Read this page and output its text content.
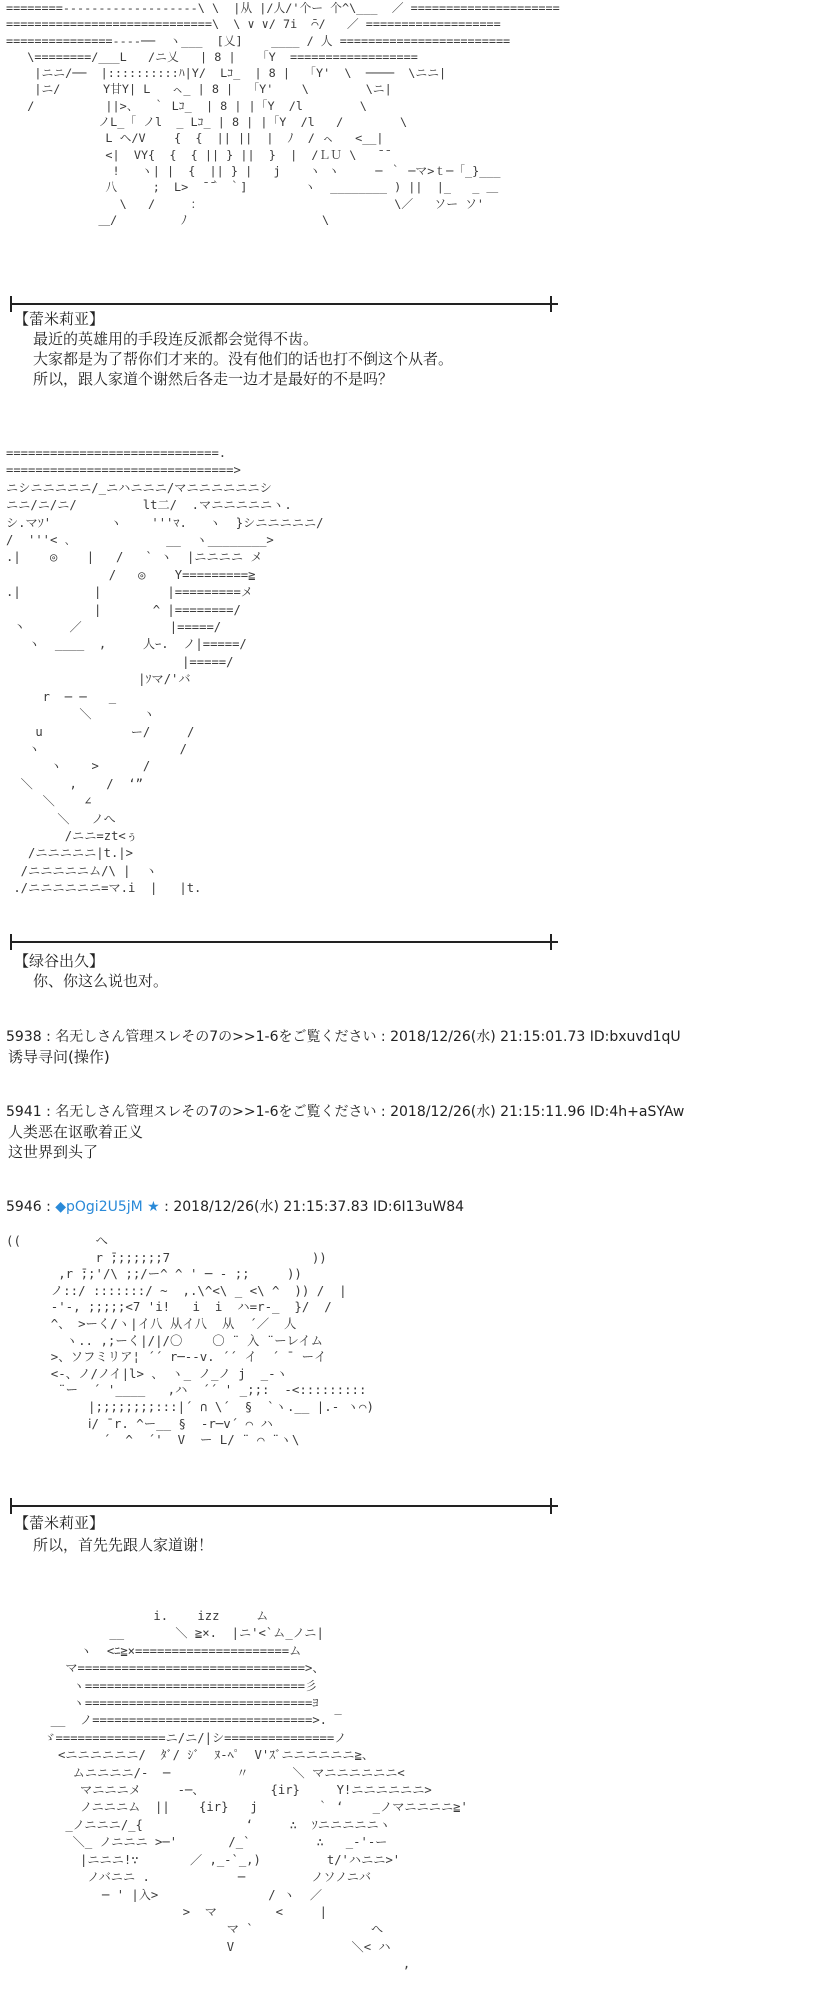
========-------------------\ \  |从 |/人/'个ー 个^\___  ／ =====================
=============================\  \ ∨ ∨/ 7i  ̄⌒/   ／ ===================
===============----──  ヽ___  [乂]    ____ / 人 ========================
\========/___L   /ニ乂   | 8 |   「Y  ==================
|ニニ/──  |::::::::::ﾊ|Y/  Lｺ_  | 8 |  「Y'  \  ────  \ニニ|
|ニ/      Y甘Y| L   ㇸ_ | 8 |  「Y'    \        \ニ|
/          ||>、  ｀ Lｺ_  | 8 | |「Y  /l        \
ノL_「 ノl  _ Lｺ_ | 8 | |「Y  /l   /        \
L ヘ/V    {  {  || ||  |  ﾉ  / ㇸ   <__|
<|  VY{  {  { || } ||  }  |  /ＬＵ \   ̄ ̄
!   ヽ| |  {  || } |   j    ヽ ヽ     ─ ｀ ─マ>ｔ─「_}___
八     ;  L>  ̄ ̄｀ ｀]        ヽ  ________ ) ||  |_   _ ＿
\   /     ：                           \／   ソー ソ'
＿/         ﾉ                   \

【蕾米莉亚】
最近的英雄用的手段连反派都会觉得不齿。
大家都是为了帮你们才来的。没有他们的话也打不倒这个从者。
所以，跟人家道个谢然后各走一边才是最好的不是吗？
=============================.
===============================>
ニシニニニニニ/_ニハニニニ/マニニニニニニシ
ニニ/ニ/ニ/         lt二/  .マニニニニニヽ.
シ.マｿ'        ヽ    '''ﾏ.   ヽ  }シニニニニニ/
/  '''< ､             __  ヽ________>
.|    ◎    |   /   ` ヽ  |ニニニニ メ
/   ◎    Y=========≧
.|          |         |=========メ
|       ^ |========/
丶      ／            |=====/
ヽ  ____  ,     人ｰ.  ノ|=====/
|=====/
|ｿマ/'バ
r  ─ ─   _
＼       ヽ
u            ー/     /
ヽ                   /
ヽ    >      /
＼     ,    /  ‘”
＼    ∠
＼   ノへ
/ニニ=zt<ぅ
/ニニニニニ|t.|>
/ニニニニニム/\ |  ヽ
./ニニニニニニ=マ.i  |   |t.

【绿谷出久】
你、你这么说也对。
5938 : 名无しさん管理スレその7の>>1-6をご覧ください : 2018/12/26(水) 21:15:01.73 ID:bxuvd1qU
诱导寻问(操作)
5941 : 名无しさん管理スレその7の>>1-6をご覧ください : 2018/12/26(水) 21:15:11.96 ID:4h+aSYAw
人类恶在讴歌着正义
这世界到头了
5946 : ◆pOgi2U5jM ★ : 2018/12/26(水) 21:15:37.83 ID:6I13uW84
((          へ
r ̄;;;;;;;7                   ))
,r ̄;;'/\ ;;/ー^ ^ ' ─ - ;;     ))
ノ::/ :::::::/ ~  ,.\^<\ _ <\ ^  )) /  |
-'-, ;;;;;<7 'i!   i  i  ハ=r-_  }/  /
^、 >ーく/ヽ|イ八 从イ八  从  ´／  人
ヽ.. ,;ーく|/|/〇    〇 ¨ 入 ¨ーレイム
>、ソフミリア¦ ´´ r─--v. ´´ イ  ´ ¯ ーイ
<-、ノ/ノイ|l> 、 ヽ_ ノ_ノ j  _-ヽ
¨ー  ´ '____   ,ハ  ´´ ' _;;:  -<:::::::::
|;;;;;;;;:::|´ ∩ \´  §  `ヽ.__ |.- ヽ⌒)
ⅰ/ ̄ r. ^ー__ §  -r─v´ ⌒ ハ
´  ^  ´'  V  ー L/ ¨ ⌒ ¨ヽ\

【蕾米莉亚】
所以，首先先跟人家道谢！
i.    izz     ム
__       ＼ ≧×.  |ニ'<`ム_ノニ|
ヽ  <ﾆ≧×=====================ム
マ===============================>、
ヽ==============================彡
ヽ===============================ﾖ
__  ノ==============================>. ‾
ゞ===============ニ/ニ/|シ===============ノ
<ニニニニニニ/  ﾀﾞ/ ｼﾞ  ﾇ-ﾍﾟ  V'ｽﾞニニニニニニ≧、
ムニニニニ/-  ─         〃      ＼ マニニニニニニ<
マニニニメ     -─、         {ir}     Y!ニニニニニニ>
ノニニニム  ||    {ir}   j        ｀ ‘    _ノマニニニニ≧'
_ノニニニ/_{              ‘     ∴  ｿニニニニニヽ
＼_ ノニニニ >─'       /_`         ∴   _-'‐ー
|ニニニ!∵       ／ ,_‐`_,)         t/'ハニニ>'
ノバニニ .            ─         ノソノニバ
─ ' |入>               / ヽ  ／
>  マ        <     |
マ `                へ
V                ＼< ハ
,
